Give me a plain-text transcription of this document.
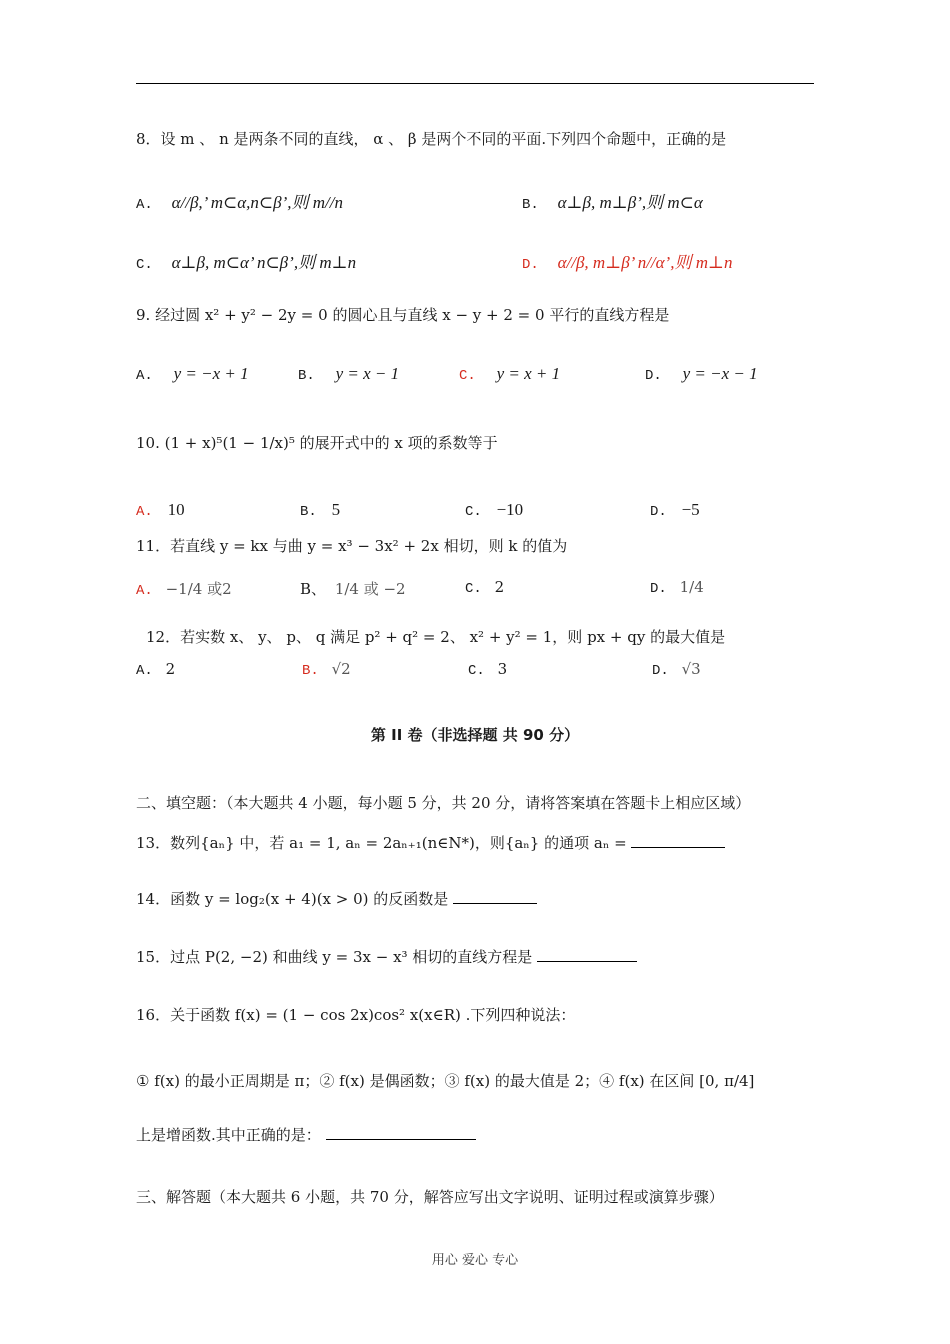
8．设 m 、 n 是两条不同的直线， α 、 β 是两个不同的平面.下列四个命题中，正确的是
A. α//β,’ m⊂α,n⊂β’,则 m//n	B. α⊥β, m⊥β’,则 m⊂α
C. α⊥β, m⊂α’ n⊂β’,则 m⊥n	D. α//β, m⊥β’ n//α’,则 m⊥n
9. 经过圆 x² + y² − 2y = 0 的圆心且与直线 x − y + 2 = 0 平行的直线方程是
A. y = −x + 1	B. y = x − 1	C. y = x + 1	D. y = −x − 1
10. (1 + x)⁵(1 − 1/x)⁵ 的展开式中的 x 项的系数等于
A. 10	B. 5	C. −10	D. −5
11．若直线 y = kx 与曲 y = x³ − 3x² + 2x 相切，则 k 的值为
A. −1/4 或2	B、 1/4 或 −2	C. 2	D. 1/4
12．若实数 x、 y、 p、 q 满足 p² + q² = 2、 x² + y² = 1，则 px + qy 的最大值是
A. 2	B. √2	C. 3	D. √3
第 II 卷（非选择题 共 90 分）
二、填空题：（本大题共 4 小题，每小题 5 分，共 20 分，请将答案填在答题卡上相应区域）
13．数列{aₙ} 中，若 a₁ = 1, aₙ = 2aₙ₊₁(n∈N*)，则{aₙ} 的通项 aₙ =
14．函数 y = log₂(x + 4)(x > 0) 的反函数是
15．过点 P(2, −2) 和曲线 y = 3x − x³ 相切的直线方程是
16．关于函数 f(x) = (1 − cos 2x)cos² x(x∈R) .下列四种说法：
① f(x) 的最小正周期是 π；② f(x) 是偶函数；③ f(x) 的最大值是 2；④ f(x) 在区间 [0, π/4]
上是增函数.其中正确的是：
三、解答题（本大题共 6 小题，共 70 分，解答应写出文字说明、证明过程或演算步骤）
用心 爱心 专心
